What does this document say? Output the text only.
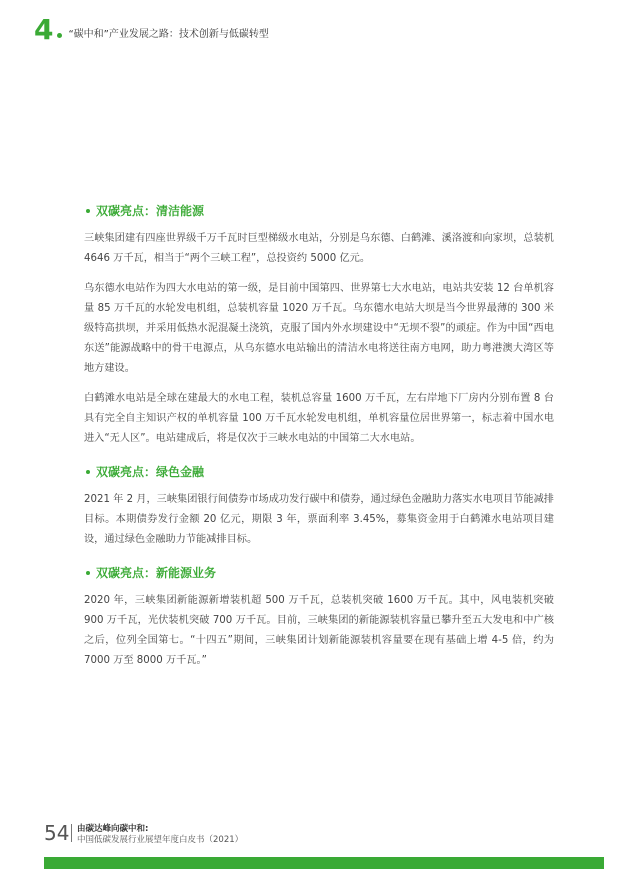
4 “碳中和”产业发展之路：技术创新与低碳转型
双碳亮点：清洁能源

三峡集团建有四座世界级千万千瓦时巨型梯级水电站，分别是乌东德、白鹤滩、溪洛渡和向家坝，总装机 4646 万千瓦，相当于“两个三峡工程”，总投资约 5000 亿元。

乌东德水电站作为四大水电站的第一级，是目前中国第四、世界第七大水电站，电站共安装 12 台单机容量 85 万千瓦的水轮发电机组，总装机容量 1020 万千瓦。乌东德水电站大坝是当今世界最薄的 300 米级特高拱坝，并采用低热水泥混凝土浇筑，克服了国内外水坝建设中“无坝不裂”的顽症。作为中国“西电东送”能源战略中的骨干电源点，从乌东德水电站输出的清洁水电将送往南方电网，助力粤港澳大湾区等地方建设。

白鹤滩水电站是全球在建最大的水电工程，装机总容量 1600 万千瓦，左右岸地下厂房内分别布置 8 台具有完全自主知识产权的单机容量 100 万千瓦水轮发电机组，单机容量位居世界第一，标志着中国水电进入“无人区”。电站建成后，将是仅次于三峡水电站的中国第二大水电站。

双碳亮点：绿色金融

2021 年 2 月，三峡集团银行间债券市场成功发行碳中和债券，通过绿色金融助力落实水电项目节能减排目标。本期债券发行金额 20 亿元，期限 3 年，票面利率 3.45%，募集资金用于白鹤滩水电站项目建设，通过绿色金融助力节能减排目标。

双碳亮点：新能源业务

2020 年，三峡集团新能源新增装机超 500 万千瓦，总装机突破 1600 万千瓦。其中，风电装机突破 900 万千瓦，光伏装机突破 700 万千瓦。目前，三峡集团的新能源装机容量已攀升至五大发电和中广核之后，位列全国第七。“十四五”期间，三峡集团计划新能源装机容量要在现有基础上增 4-5 倍，约为 7000 万至 8000 万千瓦。”

54 由碳达峰向碳中和:
中国低碳发展行业展望年度白皮书（2021）
